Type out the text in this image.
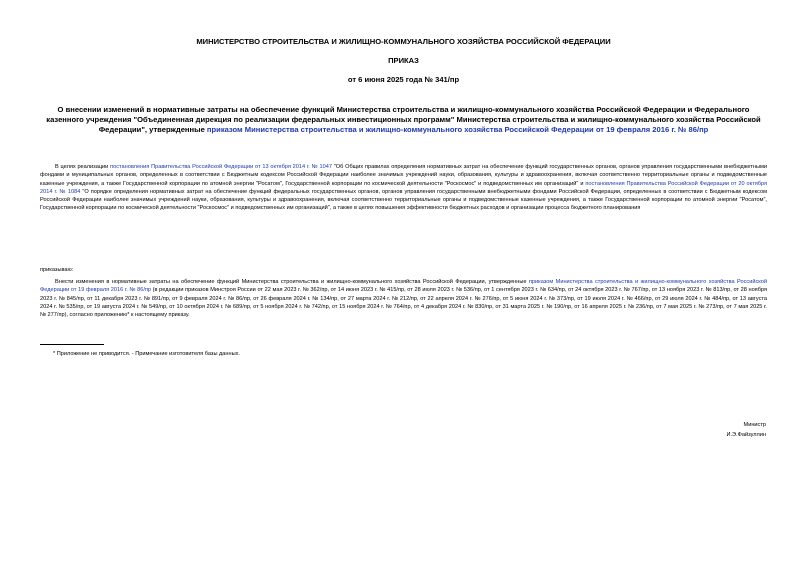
МИНИСТЕРСТВО СТРОИТЕЛЬСТВА И ЖИЛИЩНО-КОММУНАЛЬНОГО ХОЗЯЙСТВА РОССИЙСКОЙ ФЕДЕРАЦИИ
ПРИКАЗ
от 6 июня 2025 года № 341/пр
О внесении изменений в нормативные затраты на обеспечение функций Министерства строительства и жилищно-коммунального хозяйства Российской Федерации и Федерального казенного учреждения "Объединенная дирекция по реализации федеральных инвестиционных программ" Министерства строительства и жилищно-коммунального хозяйства Российской Федерации", утвержденные приказом Министерства строительства и жилищно-коммунального хозяйства Российской Федерации от 19 февраля 2016 г. № 86/пр
В целях реализации постановления Правительства Российской Федерации от 13 октября 2014 г. № 1047 "Об Общих правилах определения нормативных затрат на обеспечение функций государственных органов, органов управления государственными внебюджетными фондами и муниципальных органов, определенных в соответствии с Бюджетным кодексом Российской Федерации наиболее значимых учреждений науки, образования, культуры и здравоохранения, включая соответственно территориальные органы и подведомственные казенные учреждения, а также Государственной корпорации по атомной энергии "Росатом", Государственной корпорации по космической деятельности "Роскосмос" и подведомственных им организаций" и постановления Правительства Российской Федерации от 20 октября 2014 г. № 1084 "О порядке определения нормативных затрат на обеспечение функций федеральных государственных органов, органов управления государственными внебюджетными фондами Российской Федерации, определенных в соответствии с Бюджетным кодексом Российской Федерации наиболее значимых учреждений науки, образования, культуры и здравоохранения, включая соответственно территориальные органы и подведомственные казенные учреждения, а также Государственной корпорации по атомной энергии "Росатом", Государственной корпорации по космической деятельности "Роскосмос" и подведомственных им организаций", а также в целях повышения эффективности бюджетных расходов и организации процесса бюджетного планирования
приказываю:
Внести изменения в нормативные затраты на обеспечение функций Министерства строительства и жилищно-коммунального хозяйства Российской Федерации, утвержденные приказом Министерства строительства и жилищно-коммунального хозяйства Российской Федерации от 19 февраля 2016 г. № 86/пр (в редакции приказов Минстроя России от 22 мая 2023 г. № 362/пр, от 14 июня 2023 г. № 415/пр, от 28 июля 2023 г. № 536/пр, от 1 сентября 2023 г. № 634/пр, от 24 октября 2023 г. № 767/пр, от 13 ноября 2023 г. № 813/пр, от 28 ноября 2023 г. № 845/пр, от 11 декабря 2023 г. № 891/пр, от 9 февраля 2024 г. № 86/пр, от 26 февраля 2024 г. № 134/пр, от 27 марта 2024 г. № 212/пр, от 22 апреля 2024 г. № 276/пр, от 5 июня 2024 г. № 373/пр, от 19 июля 2024 г. № 466/пр, от 29 июля 2024 г. № 484/пр, от 13 августа 2024 г. № 535/пр, от 19 августа 2024 г. № 549/пр, от 10 октября 2024 г. № 689/пр, от 5 ноября 2024 г. № 742/пр, от 15 ноября 2024 г. № 764/пр, от 4 декабря 2024 г. № 830/пр, от 31 марта 2025 г. № 190/пр, от 16 апреля 2025 г. № 236/пр, от 7 мая 2025 г. № 273/пр, от 7 мая 2025 г. № 277/пр), согласно приложению* к настоящему приказу.
* Приложение не приводится. - Примечание изготовителя базы данных.
Министр
И.Э.Файзуллин
